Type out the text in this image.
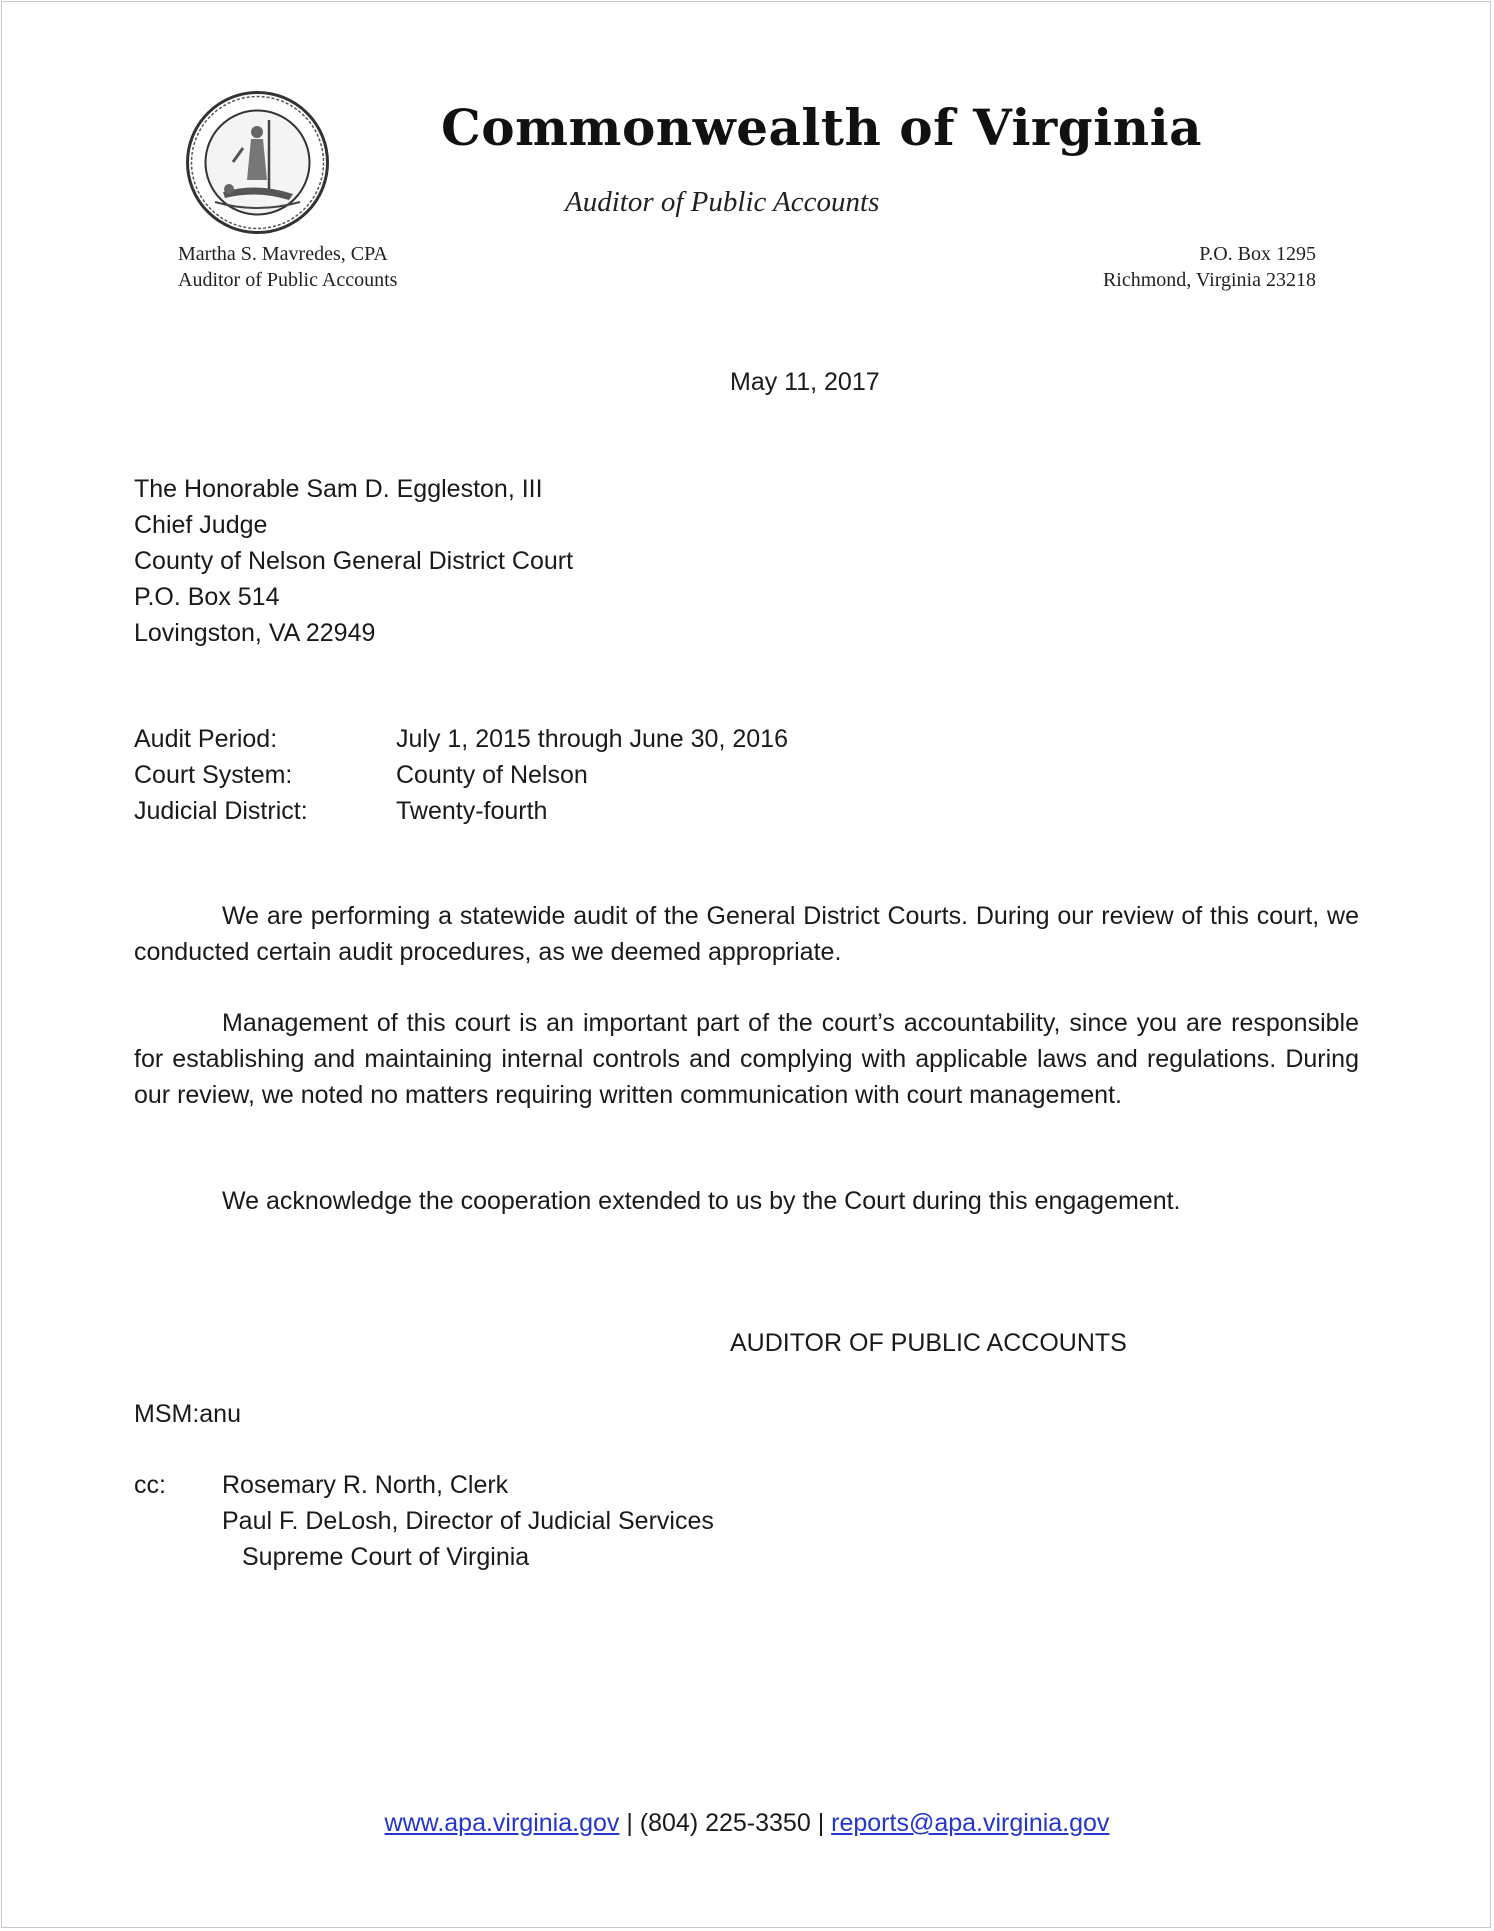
Commonwealth of Virginia
Auditor of Public Accounts
Martha S. Mavredes, CPA
Auditor of Public Accounts
P.O. Box 1295
Richmond, Virginia 23218
May 11, 2017
The Honorable Sam D. Eggleston, III
Chief Judge
County of Nelson General District Court
P.O. Box 514
Lovingston, VA 22949
Audit Period:	July 1, 2015 through June 30, 2016
Court System:	County of Nelson
Judicial District:	Twenty-fourth
We are performing a statewide audit of the General District Courts. During our review of this court, we conducted certain audit procedures, as we deemed appropriate.
Management of this court is an important part of the court’s accountability, since you are responsible for establishing and maintaining internal controls and complying with applicable laws and regulations. During our review, we noted no matters requiring written communication with court management.
We acknowledge the cooperation extended to us by the Court during this engagement.
AUDITOR OF PUBLIC ACCOUNTS
MSM:anu
cc:	Rosemary R. North, Clerk
Paul F. DeLosh, Director of Judicial Services
Supreme Court of Virginia
www.apa.virginia.gov | (804) 225-3350 | reports@apa.virginia.gov
